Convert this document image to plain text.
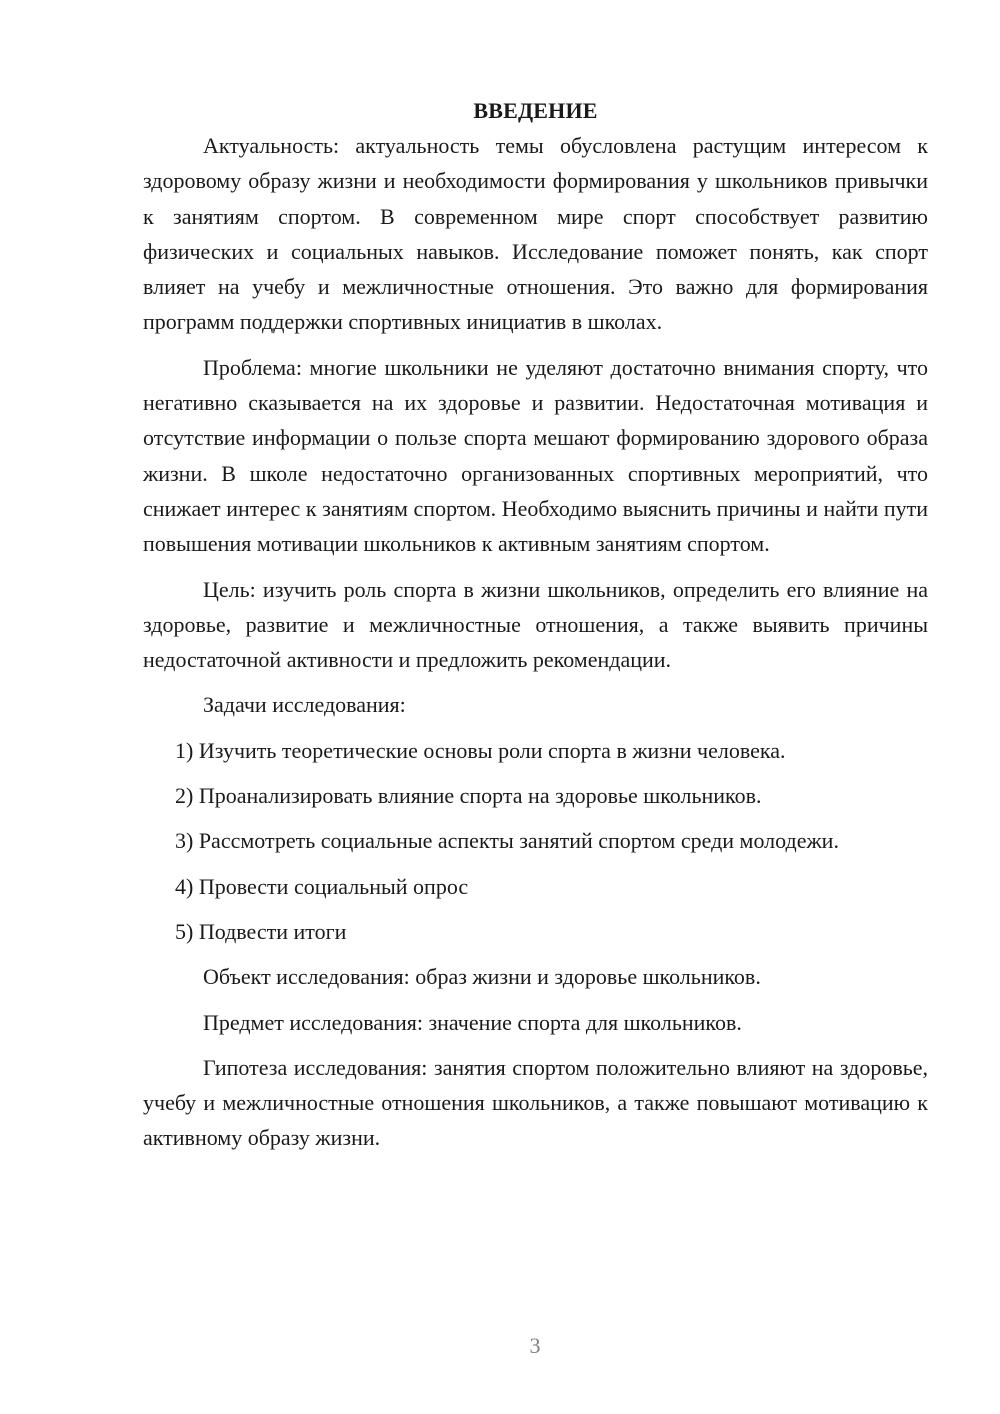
ВВЕДЕНИЕ

Актуальность: актуальность темы обусловлена растущим интересом к здоровому образу жизни и необходимости формирования у школьников привычки к занятиям спортом. В современном мире спорт способствует развитию физических и социальных навыков. Исследование поможет понять, как спорт влияет на учебу и межличностные отношения. Это важно для формирования программ поддержки спортивных инициатив в школах.

Проблема: многие школьники не уделяют достаточно внимания спорту, что негативно сказывается на их здоровье и развитии. Недостаточная мотивация и отсутствие информации о пользе спорта мешают формированию здорового образа жизни. В школе недостаточно организованных спортивных мероприятий, что снижает интерес к занятиям спортом. Необходимо выяснить причины и найти пути повышения мотивации школьников к активным занятиям спортом.

Цель: изучить роль спорта в жизни школьников, определить его влияние на здоровье, развитие и межличностные отношения, а также выявить причины недостаточной активности и предложить рекомендации.

Задачи исследования:
1) Изучить теоретические основы роли спорта в жизни человека.
2) Проанализировать влияние спорта на здоровье школьников.
3) Рассмотреть социальные аспекты занятий спортом среди молодежи.
4) Провести социальный опрос
5) Подвести итоги
Объект исследования: образ жизни и здоровье школьников.
Предмет исследования: значение спорта для школьников.

Гипотеза исследования: занятия спортом положительно влияют на здоровье, учебу и межличностные отношения школьников, а также повышают мотивацию к активному образу жизни.

3
